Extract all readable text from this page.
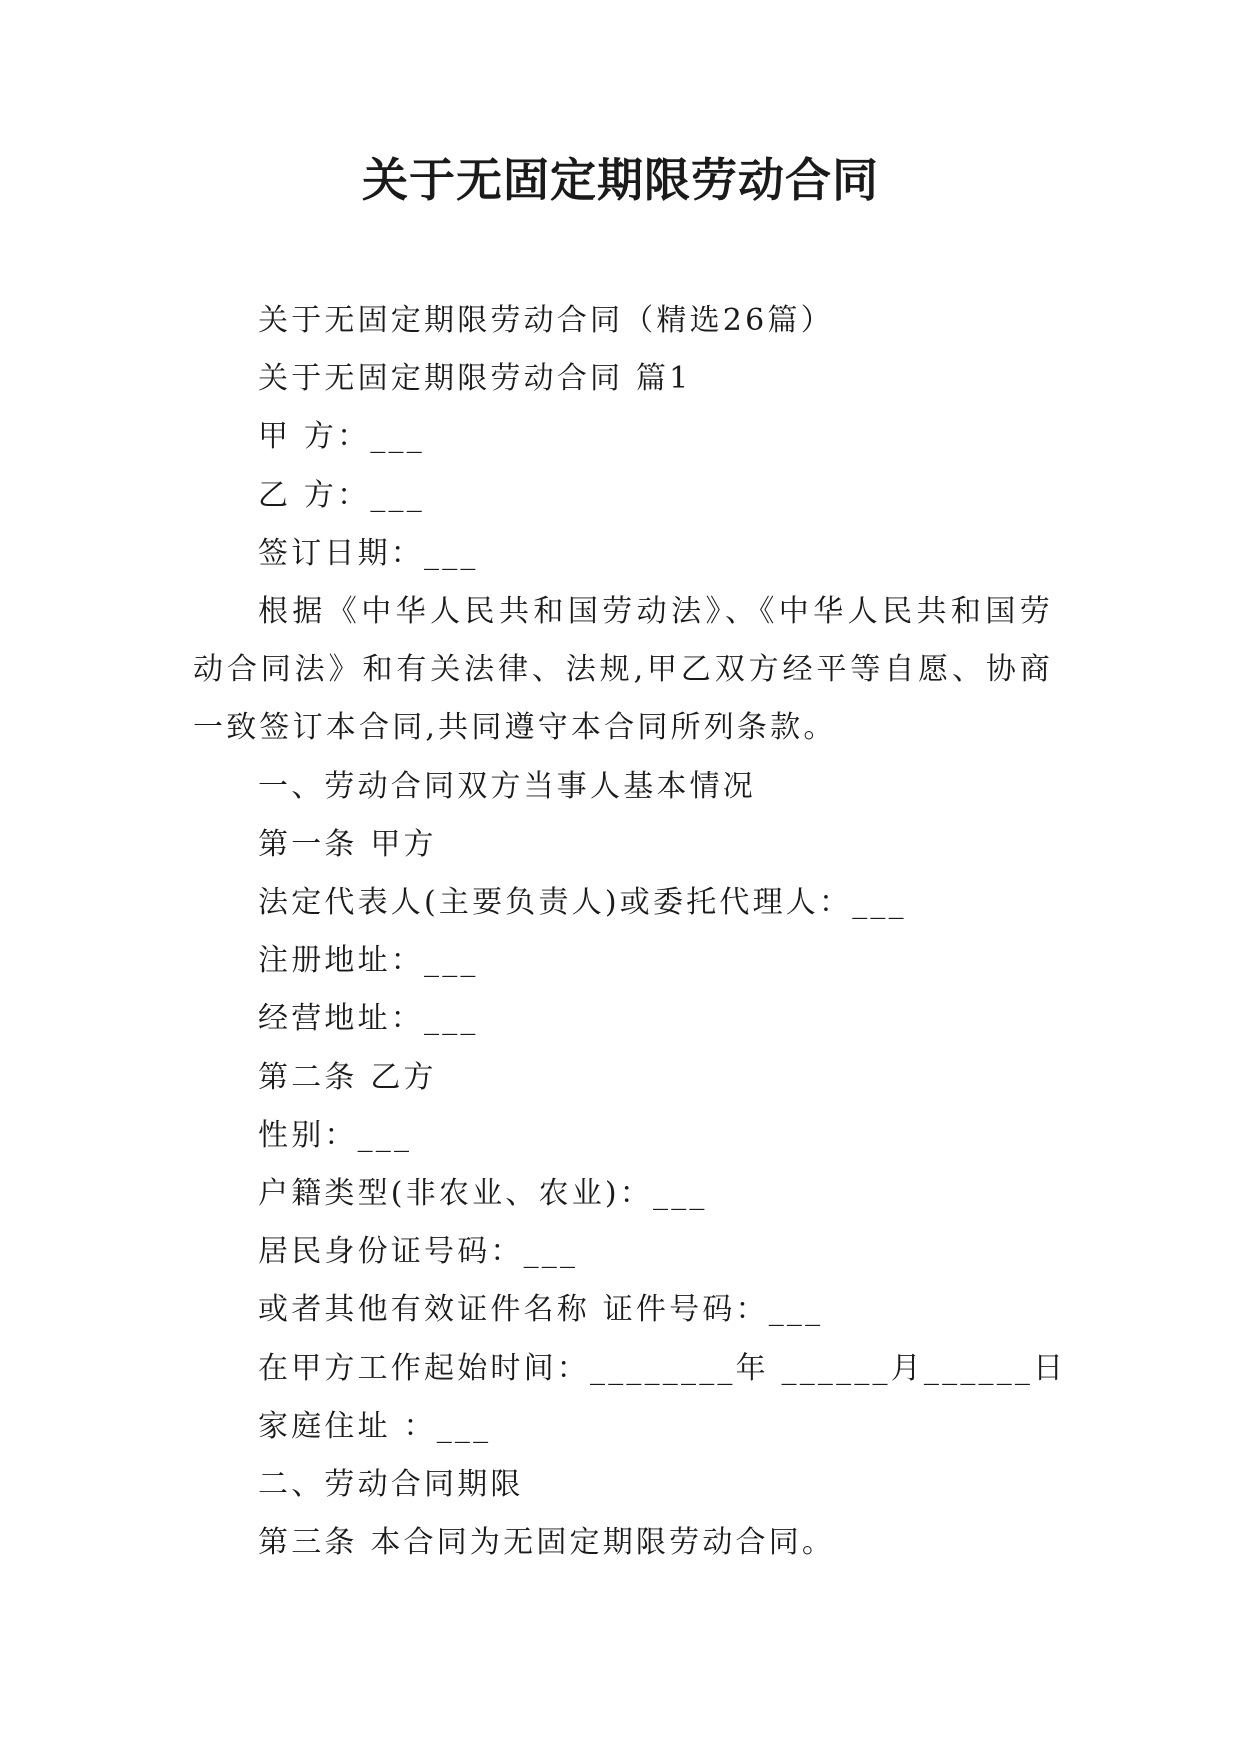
关于无固定期限劳动合同

关于无固定期限劳动合同（精选26篇）

关于无固定期限劳动合同 篇1

甲 方：___

乙 方：___

签订日期：___

根据《中华人民共和国劳动法》、《中华人民共和国劳动合同法》和有关法律、法规,甲乙双方经平等自愿、协商一致签订本合同,共同遵守本合同所列条款。

一、劳动合同双方当事人基本情况

第一条 甲方

法定代表人(主要负责人)或委托代理人：___

注册地址：___

经营地址：___

第二条 乙方

性别：___

户籍类型(非农业、农业)：___

居民身份证号码：___

或者其他有效证件名称 证件号码：___

在甲方工作起始时间：________年 ______月______日

家庭住址 ：___

二、劳动合同期限

第三条 本合同为无固定期限劳动合同。
